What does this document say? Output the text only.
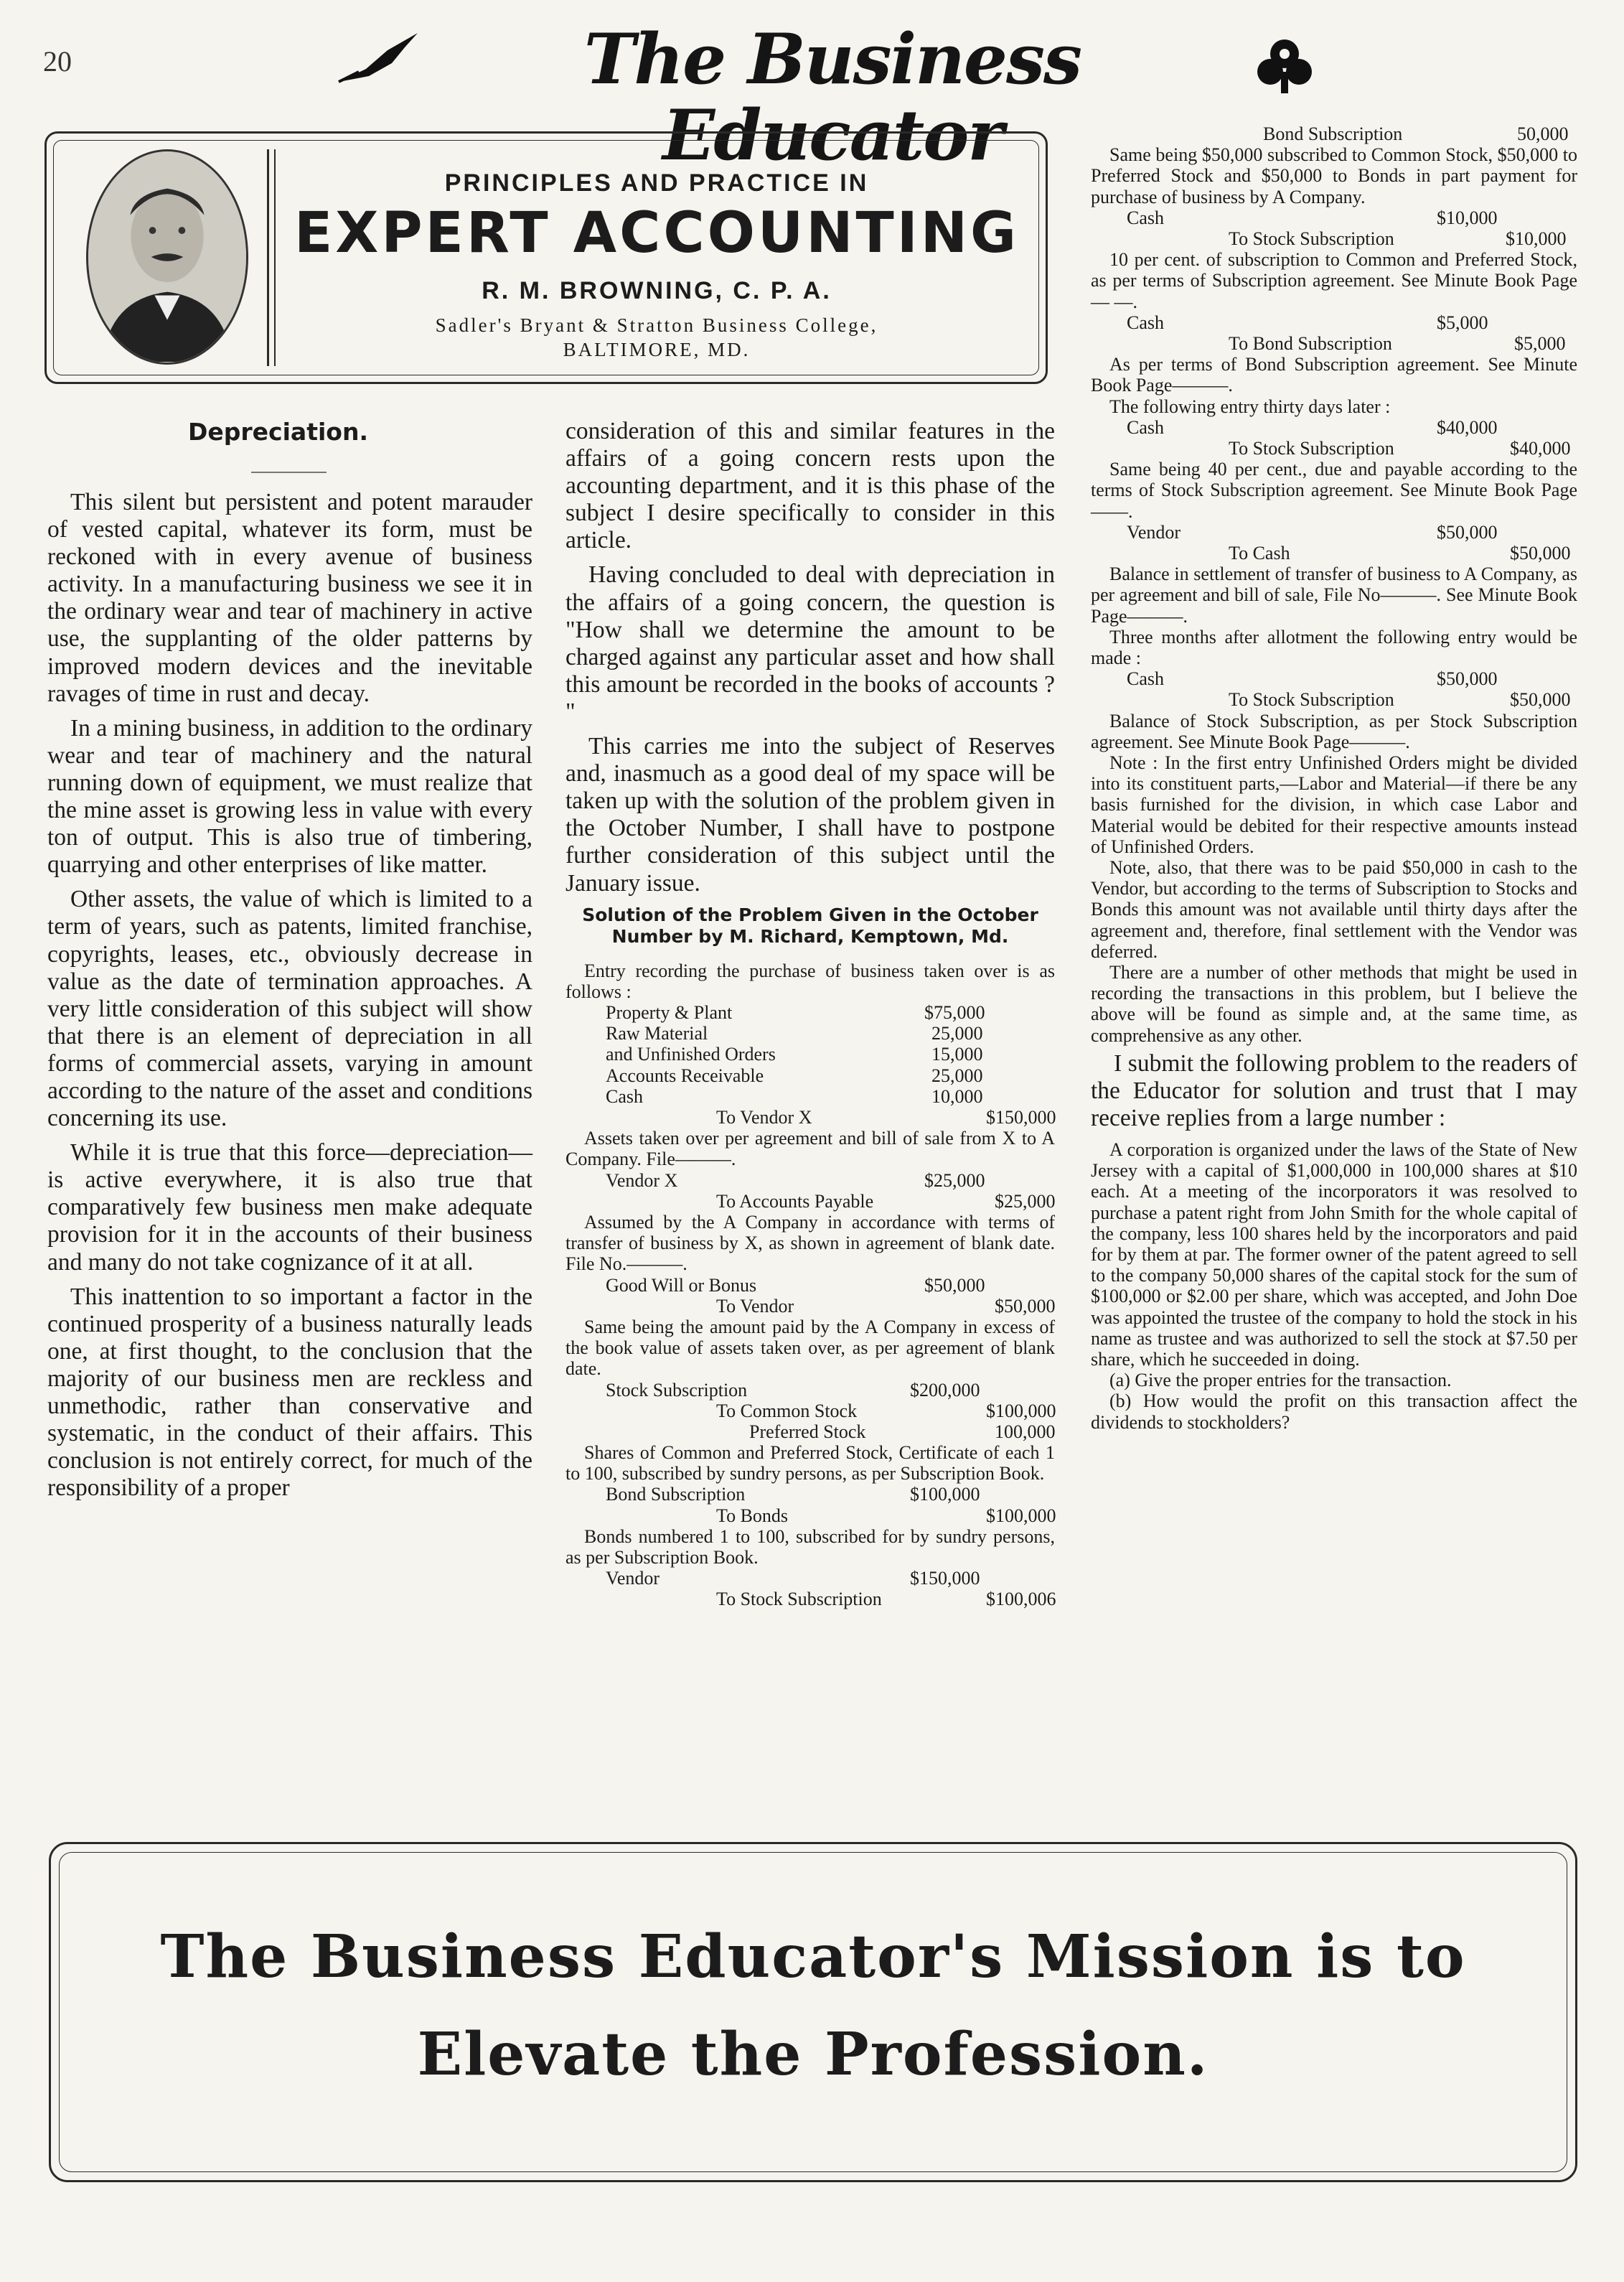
20	The Business Educator
PRINCIPLES AND PRACTICE IN
EXPERT ACCOUNTING
R. M. BROWNING, C. P. A.
Sadler's Bryant & Stratton Business College,
BALTIMORE, MD.
Depreciation.

This silent but persistent and potent marauder of vested capital, whatever its form, must be reckoned with in every avenue of business activity. In a manufacturing business we see it in the ordinary wear and tear of machinery in active use, the supplanting of the older patterns by improved modern devices and the inevitable ravages of time in rust and decay.

In a mining business, in addition to the ordinary wear and tear of machinery and the natural running down of equipment, we must realize that the mine asset is growing less in value with every ton of output. This is also true of timbering, quarrying and other enterprises of like matter.

Other assets, the value of which is limited to a term of years, such as patents, limited franchise, copyrights, leases, etc., obviously decrease in value as the date of termination approaches. A very little consideration of this subject will show that there is an element of depreciation in all forms of commercial assets, varying in amount according to the nature of the asset and conditions concerning its use.

While it is true that this force—depreciation—is active everywhere, it is also true that comparatively few business men make adequate provision for it in the accounts of their business and many do not take cognizance of it at all.

This inattention to so important a factor in the continued prosperity of a business naturally leads one, at first thought, to the conclusion that the majority of our business men are reckless and unmethodic, rather than conservative and systematic, in the conduct of their affairs. This conclusion is not entirely correct, for much of the responsibility of a proper

consideration of this and similar features in the affairs of a going concern rests upon the accounting department, and it is this phase of the subject I desire specifically to consider in this article.

Having concluded to deal with depreciation in the affairs of a going concern, the question is "How shall we determine the amount to be charged against any particular asset and how shall this amount be recorded in the books of accounts ? "

This carries me into the subject of Reserves and, inasmuch as a good deal of my space will be taken up with the solution of the problem given in the October Number, I shall have to postpone further consideration of this subject until the January issue.

Solution of the Problem Given in the October Number by M. Richard, Kemptown, Md.

Entry recording the purchase of business taken over is as follows :

Property & Plant	$75,000
Raw Material	25,000
and Unfinished Orders	15,000
Accounts Receivable	25,000
Cash	10,000
To Vendor X	$150,000

Assets taken over per agreement and bill of sale from X to A Company. File———.

Vendor X	$25,000
To Accounts Payable	$25,000

Assumed by the A Company in accordance with terms of transfer of business by X, as shown in agreement of blank date. File No.———.

Good Will or Bonus	$50,000
To Vendor	$50,000

Same being the amount paid by the A Company in excess of the book value of assets taken over, as per agreement of blank date.

Stock Subscription	$200,000
To Common Stock	$100,000
Preferred Stock	100,000

Shares of Common and Preferred Stock, Certificate of each 1 to 100, subscribed by sundry persons, as per Subscription Book.

Bond Subscription	$100,000
To Bonds	$100,000

Bonds numbered 1 to 100, subscribed for by sundry persons, as per Subscription Book.

Vendor	$150,000
To Stock Subscription	$100,006
Bond Subscription	50,000

Same being $50,000 subscribed to Common Stock, $50,000 to Preferred Stock and $50,000 to Bonds in part payment for purchase of business by A Company.

Cash	$10,000
To Stock Subscription	$10,000

10 per cent. of subscription to Common and Preferred Stock, as per terms of Subscription agreement. See Minute Book Page— —.

Cash	$5,000
To Bond Subscription	$5,000

As per terms of Bond Subscription agreement. See Minute Book Page———.

The following entry thirty days later :

Cash	$40,000
To Stock Subscription	$40,000

Same being 40 per cent., due and payable according to the terms of Stock Subscription agreement. See Minute Book Page——.

Vendor	$50,000
To Cash	$50,000

Balance in settlement of transfer of business to A Company, as per agreement and bill of sale, File No———. See Minute Book Page———.

Three months after allotment the following entry would be made :

Cash	$50,000
To Stock Subscription	$50,000

Balance of Stock Subscription, as per Stock Subscription agreement. See Minute Book Page———.

Note : In the first entry Unfinished Orders might be divided into its constituent parts,—Labor and Material—if there be any basis furnished for the division, in which case Labor and Material would be debited for their respective amounts instead of Unfinished Orders.

Note, also, that there was to be paid $50,000 in cash to the Vendor, but according to the terms of Subscription to Stocks and Bonds this amount was not available until thirty days after the agreement and, therefore, final settlement with the Vendor was deferred.

There are a number of other methods that might be used in recording the transactions in this problem, but I believe the above will be found as simple and, at the same time, as comprehensive as any other.

I submit the following problem to the readers of the Educator for solution and trust that I may receive replies from a large number :

A corporation is organized under the laws of the State of New Jersey with a capital of $1,000,000 in 100,000 shares at $10 each. At a meeting of the incorporators it was resolved to purchase a patent right from John Smith for the whole capital of the company, less 100 shares held by the incorporators and paid for by them at par. The former owner of the patent agreed to sell to the company 50,000 shares of the capital stock for the sum of $100,000 or $2.00 per share, which was accepted, and John Doe was appointed the trustee of the company to hold the stock in his name as trustee and was authorized to sell the stock at $7.50 per share, which he succeeded in doing.

(a) Give the proper entries for the transaction.

(b) How would the profit on this transaction affect the dividends to stockholders?

The Business Educator's Mission is to
Elevate the Profession.
